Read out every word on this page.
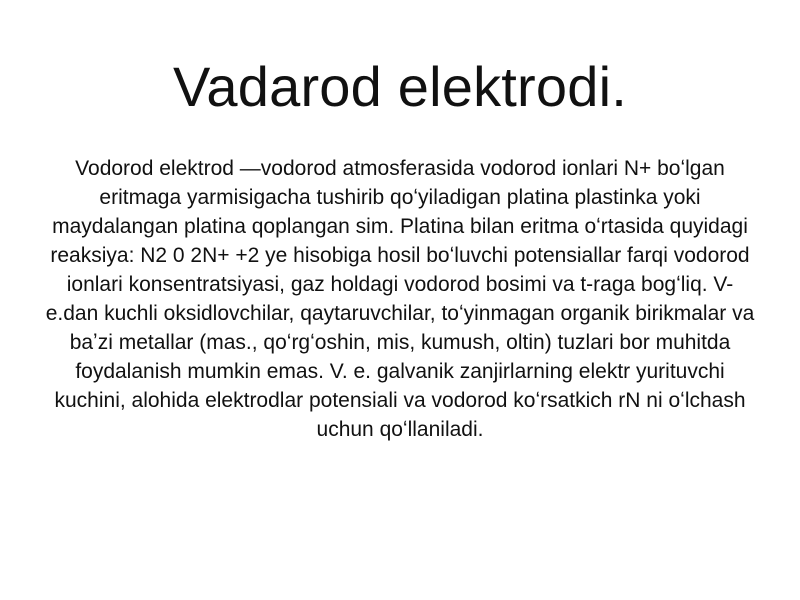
Vadarod elektrodi.

Vodorod elektrod —vodorod atmosferasida vodorod ionlari N+ boʻlgan eritmaga yarmisigacha tushirib qoʻyiladigan platina plastinka yoki maydalangan platina qoplangan sim. Platina bilan eritma oʻrtasida quyidagi reaksiya: N2 0 2N+ +2 ye hisobiga hosil boʻluvchi potensiallar farqi vodorod ionlari konsentratsiyasi, gaz holdagi vodorod bosimi va t-raga bogʻliq. V- e.dan kuchli oksidlovchilar, qaytaruvchilar, toʻyinmagan organik birikmalar va baʼzi metallar (mas., qoʻrgʻoshin, mis, kumush, oltin) tuzlari bor muhitda foydalanish mumkin emas. V. e. galvanik zanjirlarning elektr yurituvchi kuchini, alohida elektrodlar potensiali va vodorod koʻrsatkich rN ni oʻlchash uchun qoʻllaniladi.
